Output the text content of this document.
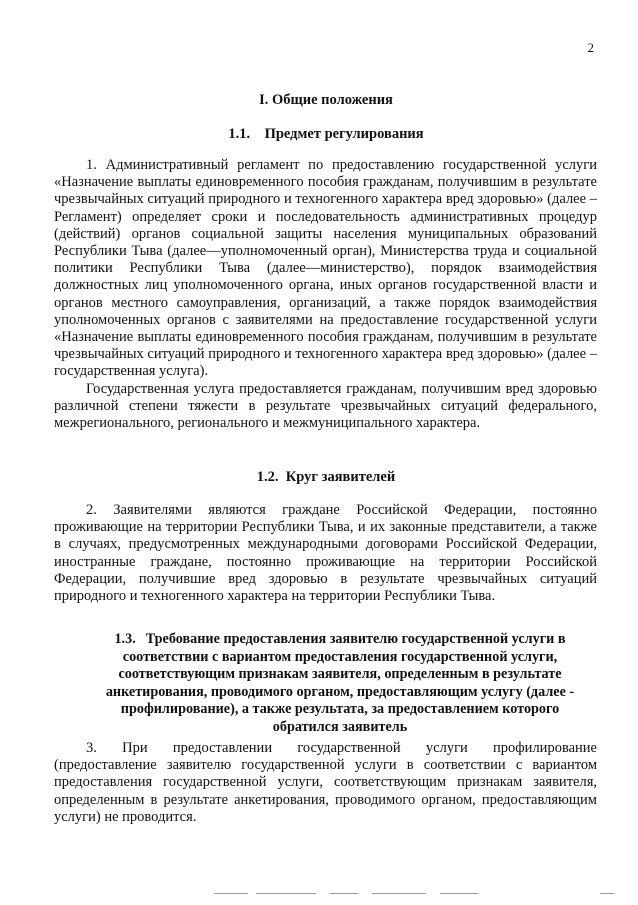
2
I. Общие положения
1.1.    Предмет регулирования

1. Административный регламент по предоставлению государственной услуги «Назначение выплаты единовременного пособия гражданам, получившим в результате чрезвычайных ситуаций природного и техногенного характера вред здоровью» (далее – Регламент) определяет сроки и последовательность административных процедур (действий) органов социальной защиты населения муниципальных образований Республики Тыва (далее—уполномоченный орган), Министерства труда и социальной политики Республики Тыва (далее—министерство), порядок взаимодействия должностных лиц уполномоченного органа, иных органов государственной власти и органов местного самоуправления, организаций, а также порядок взаимодействия уполномоченных органов с заявителями на предоставление государственной услуги «Назначение выплаты единовременного пособия гражданам, получившим в результате чрезвычайных ситуаций природного и техногенного характера вред здоровью» (далее – государственная услуга).

Государственная услуга предоставляется гражданам, получившим вред здоровью различной степени тяжести в результате чрезвычайных ситуаций федерального, межрегионального, регионального и межмуниципального характера.

1.2.  Круг заявителей

2. Заявителями являются граждане Российской Федерации, постоянно проживающие на территории Республики Тыва, и их законные представители, а также в случаях, предусмотренных международными договорами Российской Федерации, иностранные граждане, постоянно проживающие на территории Российской Федерации, получившие вред здоровью в результате чрезвычайных ситуаций природного и техногенного характера на территории Республики Тыва.

1.3. Требование предоставления заявителю государственной услуги в соответствии с вариантом предоставления государственной услуги, соответствующим признакам заявителя, определенным в результате анкетирования, проводимого органом, предоставляющим услугу (далее - профилирование), а также результата, за предоставлением которого обратился заявитель

3.   При   предоставлении   государственной   услуги   профилирование (предоставление заявителю государственной услуги в соответствии с вариантом предоставления государственной услуги, соответствующим признакам заявителя, определенным в результате анкетирования, проводимого органом, предоставляющим услуги) не проводится.
